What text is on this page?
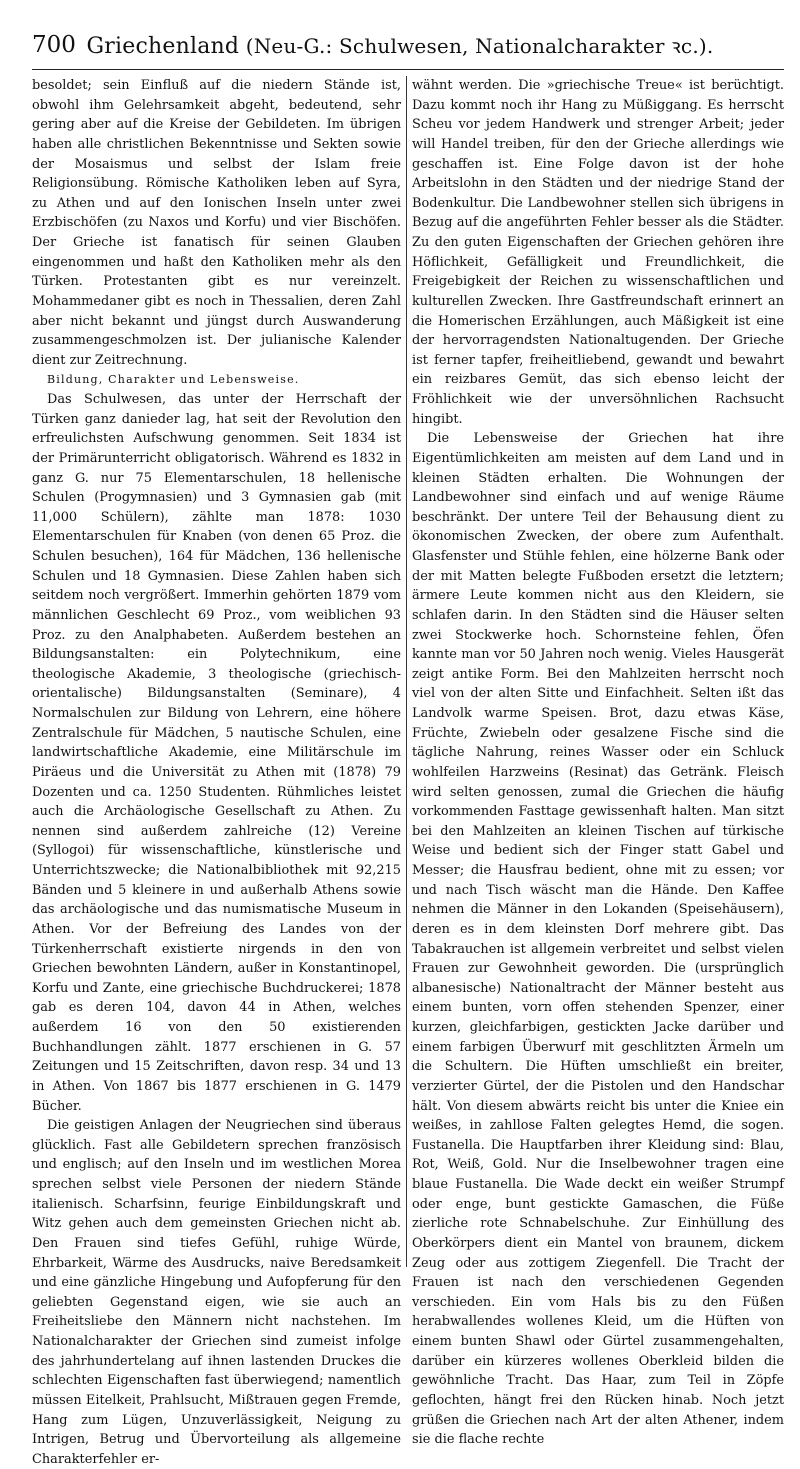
700 Griechenland (Neu-G.: Schulwesen, Nationalcharakter ꝛc.).

besoldet; sein Einfluß auf die niedern Stände ist, obwohl ihm Gelehrsamkeit abgeht, bedeutend, sehr gering aber auf die Kreise der Gebildeten. Im übrigen haben alle christlichen Bekenntnisse und Sekten sowie der Mosaismus und selbst der Islam freie Religionsübung. Römische Katholiken leben auf Syra, zu Athen und auf den Ionischen Inseln unter zwei Erzbischöfen (zu Naxos und Korfu) und vier Bischöfen. Der Grieche ist fanatisch für seinen Glauben eingenommen und haßt den Katholiken mehr als den Türken. Protestanten gibt es nur vereinzelt. Mohammedaner gibt es noch in Thessalien, deren Zahl aber nicht bekannt und jüngst durch Auswanderung zusammengeschmolzen ist. Der julianische Kalender dient zur Zeitrechnung.

Bildung, Charakter und Lebensweise.

Das Schulwesen, das unter der Herrschaft der Türken ganz danieder lag, hat seit der Revolution den erfreulichsten Aufschwung genommen. Seit 1834 ist der Primärunterricht obligatorisch. Während es 1832 in ganz G. nur 75 Elementarschulen, 18 hellenische Schulen (Progymnasien) und 3 Gymnasien gab (mit 11,000 Schülern), zählte man 1878: 1030 Elementarschulen für Knaben (von denen 65 Proz. die Schulen besuchen), 164 für Mädchen, 136 hellenische Schulen und 18 Gymnasien. Diese Zahlen haben sich seitdem noch vergrößert. Immerhin gehörten 1879 vom männlichen Geschlecht 69 Proz., vom weiblichen 93 Proz. zu den Analphabeten. Außerdem bestehen an Bildungsanstalten: ein Polytechnikum, eine theologische Akademie, 3 theologische (griechisch-orientalische) Bildungsanstalten (Seminare), 4 Normalschulen zur Bildung von Lehrern, eine höhere Zentralschule für Mädchen, 5 nautische Schulen, eine landwirtschaftliche Akademie, eine Militärschule im Piräeus und die Universität zu Athen mit (1878) 79 Dozenten und ca. 1250 Studenten. Rühmliches leistet auch die Archäologische Gesellschaft zu Athen. Zu nennen sind außerdem zahlreiche (12) Vereine (Syllogoi) für wissenschaftliche, künstlerische und Unterrichtszwecke; die Nationalbibliothek mit 92,215 Bänden und 5 kleinere in und außerhalb Athens sowie das archäologische und das numismatische Museum in Athen. Vor der Befreiung des Landes von der Türkenherrschaft existierte nirgends in den von Griechen bewohnten Ländern, außer in Konstantinopel, Korfu und Zante, eine griechische Buchdruckerei; 1878 gab es deren 104, davon 44 in Athen, welches außerdem 16 von den 50 existierenden Buchhandlungen zählt. 1877 erschienen in G. 57 Zeitungen und 15 Zeitschriften, davon resp. 34 und 13 in Athen. Von 1867 bis 1877 erschienen in G. 1479 Bücher.

Die geistigen Anlagen der Neugriechen sind überaus glücklich. Fast alle Gebildetern sprechen französisch und englisch; auf den Inseln und im westlichen Morea sprechen selbst viele Personen der niedern Stände italienisch. Scharfsinn, feurige Einbildungskraft und Witz gehen auch dem gemeinsten Griechen nicht ab. Den Frauen sind tiefes Gefühl, ruhige Würde, Ehrbarkeit, Wärme des Ausdrucks, naive Beredsamkeit und eine gänzliche Hingebung und Aufopferung für den geliebten Gegenstand eigen, wie sie auch an Freiheitsliebe den Männern nicht nachstehen. Im Nationalcharakter der Griechen sind zumeist infolge des jahrhundertelang auf ihnen lastenden Druckes die schlechten Eigenschaften fast überwiegend; namentlich müssen Eitelkeit, Prahlsucht, Mißtrauen gegen Fremde, Hang zum Lügen, Unzuverlässigkeit, Neigung zu Intrigen, Betrug und Übervorteilung als allgemeine Charakterfehler er-

wähnt werden. Die »griechische Treue« ist berüchtigt. Dazu kommt noch ihr Hang zu Müßiggang. Es herrscht Scheu vor jedem Handwerk und strenger Arbeit; jeder will Handel treiben, für den der Grieche allerdings wie geschaffen ist. Eine Folge davon ist der hohe Arbeitslohn in den Städten und der niedrige Stand der Bodenkultur. Die Landbewohner stellen sich übrigens in Bezug auf die angeführten Fehler besser als die Städter. Zu den guten Eigenschaften der Griechen gehören ihre Höflichkeit, Gefälligkeit und Freundlichkeit, die Freigebigkeit der Reichen zu wissenschaftlichen und kulturellen Zwecken. Ihre Gastfreundschaft erinnert an die Homerischen Erzählungen, auch Mäßigkeit ist eine der hervorragendsten Nationaltugenden. Der Grieche ist ferner tapfer, freiheitliebend, gewandt und bewahrt ein reizbares Gemüt, das sich ebenso leicht der Fröhlichkeit wie der unversöhnlichen Rachsucht hingibt.

Die Lebensweise der Griechen hat ihre Eigentümlichkeiten am meisten auf dem Land und in kleinen Städten erhalten. Die Wohnungen der Landbewohner sind einfach und auf wenige Räume beschränkt. Der untere Teil der Behausung dient zu ökonomischen Zwecken, der obere zum Aufenthalt. Glasfenster und Stühle fehlen, eine hölzerne Bank oder der mit Matten belegte Fußboden ersetzt die letztern; ärmere Leute kommen nicht aus den Kleidern, sie schlafen darin. In den Städten sind die Häuser selten zwei Stockwerke hoch. Schornsteine fehlen, Öfen kannte man vor 50 Jahren noch wenig. Vieles Hausgerät zeigt antike Form. Bei den Mahlzeiten herrscht noch viel von der alten Sitte und Einfachheit. Selten ißt das Landvolk warme Speisen. Brot, dazu etwas Käse, Früchte, Zwiebeln oder gesalzene Fische sind die tägliche Nahrung, reines Wasser oder ein Schluck wohlfeilen Harzweins (Resinat) das Getränk. Fleisch wird selten genossen, zumal die Griechen die häufig vorkommenden Fasttage gewissenhaft halten. Man sitzt bei den Mahlzeiten an kleinen Tischen auf türkische Weise und bedient sich der Finger statt Gabel und Messer; die Hausfrau bedient, ohne mit zu essen; vor und nach Tisch wäscht man die Hände. Den Kaffee nehmen die Männer in den Lokanden (Speisehäusern), deren es in dem kleinsten Dorf mehrere gibt. Das Tabakrauchen ist allgemein verbreitet und selbst vielen Frauen zur Gewohnheit geworden. Die (ursprünglich albanesische) Nationaltracht der Männer besteht aus einem bunten, vorn offen stehenden Spenzer, einer kurzen, gleichfarbigen, gestickten Jacke darüber und einem farbigen Überwurf mit geschlitzten Ärmeln um die Schultern. Die Hüften umschließt ein breiter, verzierter Gürtel, der die Pistolen und den Handschar hält. Von diesem abwärts reicht bis unter die Kniee ein weißes, in zahllose Falten gelegtes Hemd, die sogen. Fustanella. Die Hauptfarben ihrer Kleidung sind: Blau, Rot, Weiß, Gold. Nur die Inselbewohner tragen eine blaue Fustanella. Die Wade deckt ein weißer Strumpf oder enge, bunt gestickte Gamaschen, die Füße zierliche rote Schnabelschuhe. Zur Einhüllung des Oberkörpers dient ein Mantel von braunem, dickem Zeug oder aus zottigem Ziegenfell. Die Tracht der Frauen ist nach den verschiedenen Gegenden verschieden. Ein vom Hals bis zu den Füßen herabwallendes wollenes Kleid, um die Hüften von einem bunten Shawl oder Gürtel zusammengehalten, darüber ein kürzeres wollenes Oberkleid bilden die gewöhnliche Tracht. Das Haar, zum Teil in Zöpfe geflochten, hängt frei den Rücken hinab. Noch jetzt grüßen die Griechen nach Art der alten Athener, indem sie die flache rechte
